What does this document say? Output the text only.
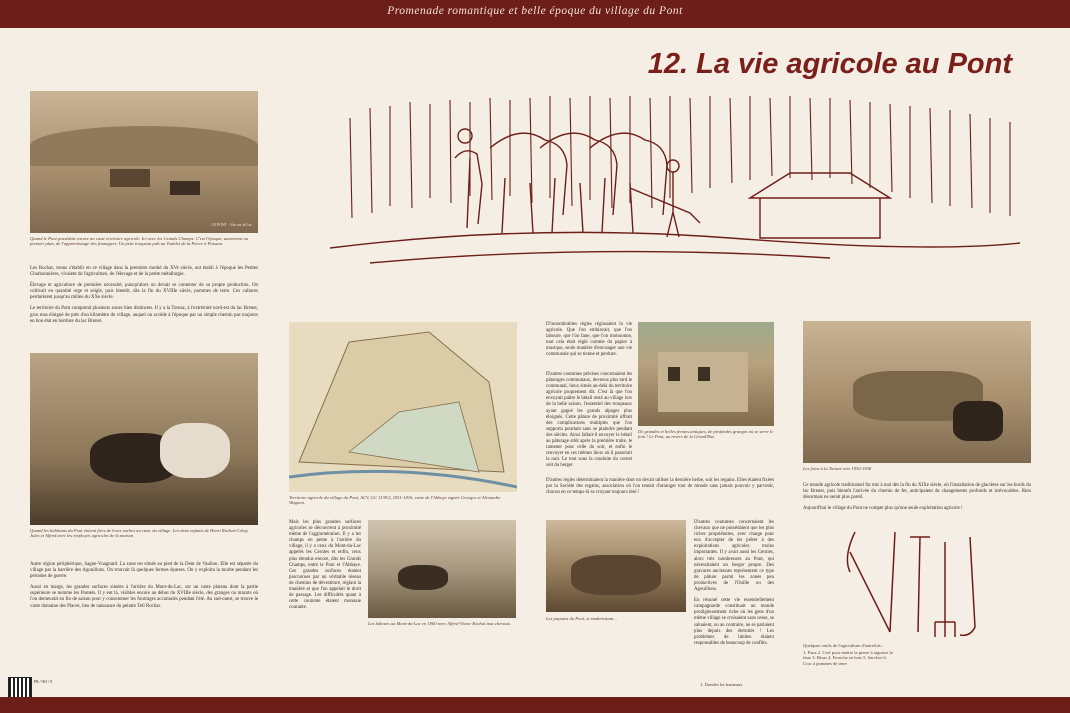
Promenade romantique et belle époque du village du Pont
12. La vie agricole au Pont
LE PONT - Vue sur le Lac
Quand le Pont possédait encore un vaste territoire agricole. Ici avec les Grands Champs. C'est l'époque, autrement au premier plan, de l'apprentissage des fromagers. Un petit troupeau paît au Toublet de la Pierre à Poisson.

Les Rochat, venus s'établir en ce village dans la première moitié du XVe siècle, ont établi à l'époque les Petites Charbonnières, vivaient de l'agriculture, de l'élevage et de la petite métallurgie.

Élevage et agriculture de première nécessité, puisqu'alors on devait se contenter de sa propre production. On cultivait en quantité orge et seigle, puis bientôt, dès la fin du XVIIIe siècle, pommes de terre. Ces cultures perdurèrent jusqu'au milieu du XXe siècle.

Le territoire du Pont comprend plusieurs zones bien distinctes. Il y a la Tornaz, à l'extrémité nord-est du lac Brenet, gros mas éloigné de près d'un kilomètre du village, auquel on accède à l'époque par un simple chemin pas toujours en bon état en bordure du lac Brenet.

Quand les habitants du Pont étaient fiers de leurs vaches au cœur du village. Les deux enfants de Henri Rochat-Golay, Jules et Alfred avec les employés agricoles de la maison.

Autre région périphérique, Sagne-Vuagnard. La zone est située au pied de la Dent de Vaulion. Elle est séparée du village par la barrière des Agouillons. On trouvait là quelques fermes éparses. On y exploita la tourbe pendant les périodes de guerre.

Aussi en marge, les grandes surfaces situées à l'arrière du Mont-du-Lac, sur un vaste plateau dont la partie supérieure se nomme les Pontets. Il y eut là, visibles encore au début du XVIIIe siècle, des granges ou mazots où l'on demeurait en fin de saison pour y consommer les fourrages accumulés pendant l'été. Au sud-ouest, se trouve le vaste domaine des Places, lieu de naissance du peintre Tell Rochat.

Territoire agricole du village du Pont, ACV, GC 1139/2, 1811-1816, carte de l'Abbaye signée Georges et Alexandre Wagnon.

D'innombrables règles régissaient la vie agricole. Que l'on emblavait, que l'on laboure, que l'on fane, que l'on moissonne, tout cela était réglé comme du papier à musique, seule manière d'envisager une vie communale qui se tienne et perdure.

D'autres coutumes précises concernaient les pâturages communaux, devenus plus tard le communal, lieux situés au-delà du territoire agricole proprement dit. C'est là que l'on envoyait paître le bétail resté au village lors de la belle saison, l'essentiel des troupeaux ayant gagné les grands alpages plus éloignés. Cette pâture de proximité offrait des complications multiples que l'on supporta pourtant sans se plaindre pendant des siècles. Ainsi fallait-il envoyer le bétail au pâturage sitôt après la première traite, le ramener pour celle du soir, et enfin le renvoyer en ces mêmes lieux où il passerait la nuit. Le tout sous la conduite du cornet soit du berger.

D'autres règles déterminaient la manière dont on devait utiliser la dernière herbe, soit les regains. Elles étaient fixées par la Société des regains, association où l'on tentait d'arranger tout de monde sans jamais pouvoir y parvenir, chacun en ce temps-là se croyant toujours lésé !

De grandes et belles fermes antiques, de profondes granges où se serre le foin ! Le Pont, au revers de la Grand'Rue.
Les foins à la Tornaz vers 1930-1938

Ce monde agricole traditionnel fut mis à mal dès la fin du XIXe siècle, où l'installation de glacières sur les bords du lac Brenet, puis bientôt l'arrivée du chemin de fer, anticipaient de changements profonds et irrévocables. Rien désormais ne serait plus pareil.

Aujourd'hui le village du Pont ne compte plus qu'une seule exploitation agricole !

Mais les plus grandes surfaces agricoles se découvrent à proximité même de l'agglomération. Il y a les champs en pente à l'arrière du village, il y a ceux du Mont-du-Lac appelés les Cernies et enfin, ceux plus étendus encore, dits les Grands Champs, entre le Pont et l'Abbaye. Ces grandes surfaces étaient parcourues par un véritable réseau de chemins de dévestiture, réglant la manière et que l'on appelait le droit de passage. Les difficultés quant à cette coutume étaient monnaie courante.

Les labours au Mont-du-Lac en 1960 avec Alfred-Victor Rochat tout chevaux.
Les paysans du Pont, si modernisant…

D'autres coutumes concernaient les chevaux que ne possédaient que les plus riches propriétaires, avec charge pour eux d'accepter de les prêter à des exploitations agricoles moins importantes. Il y avait aussi les Cernies, alors très nombreuses au Pont, qui nécessitaient un berger propre. Des gravures anciennes représentent ce type de pâture parmi les zones peu productives de l'Ouïlle ou des Agouillons.

En résumé cette vie essentiellement campagnarde constituait un monde prodigieusement riche où les gens d'un même village se croisaient sans cesse, se saluaient, ou au contraire, ne se parlaient plus depuis des éternités ! Les problèmes de limites étaient responsables de beaucoup de conflits.

1. Dondes les hameaux
Quelques outils de l'agriculture d'autrefois :
1. Faux 2. Cerf pour mettre la pierre à aiguiser la faux 3. Bisas 4. Fourche en bois 5. Sarcloir 6. Croc à pommes de terre
PR / 001 / 9
